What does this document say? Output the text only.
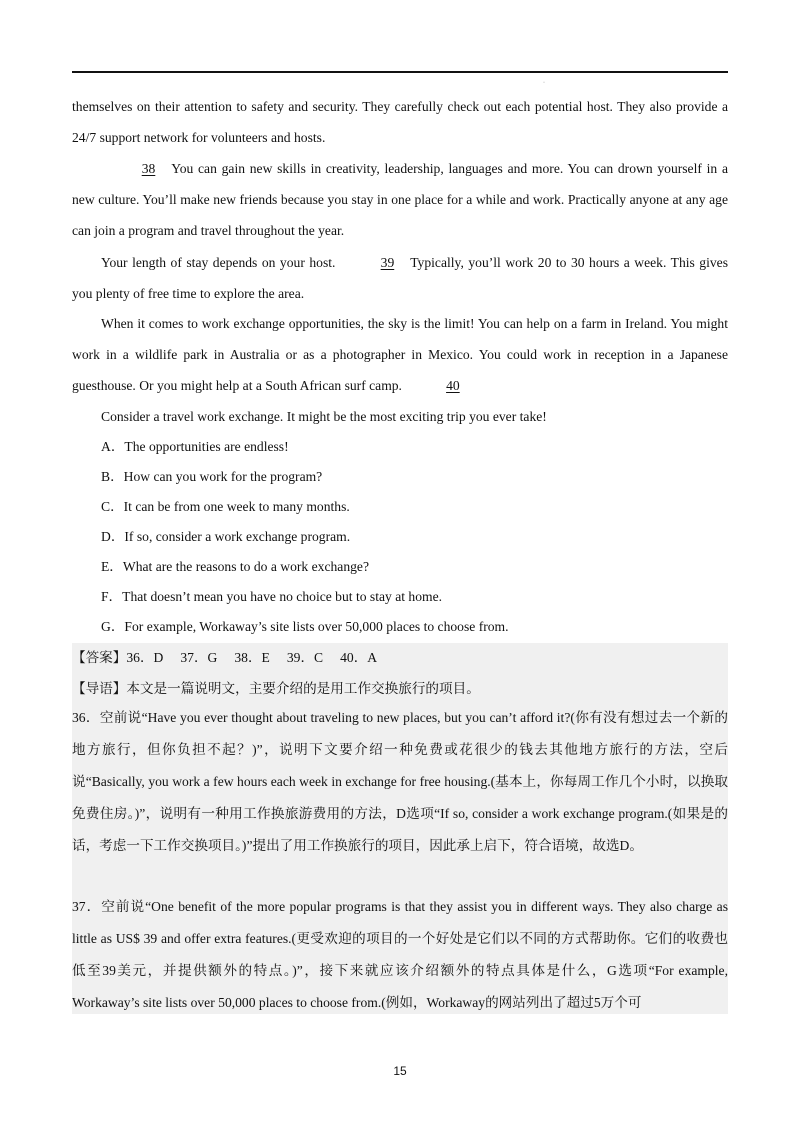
·

themselves on their attention to safety and security. They carefully check out each potential host. They also provide a 24/7 support network for volunteers and hosts.

38 You can gain new skills in creativity, leadership, languages and more. You can drown yourself in a new culture. You’ll make new friends because you stay in one place for a while and work. Practically anyone at any age can join a program and travel throughout the year.

Your length of stay depends on your host.	39 Typically, you’ll work 20 to 30 hours a week. This gives you plenty of free time to explore the area.

When it comes to work exchange opportunities, the sky is the limit! You can help on a farm in Ireland. You might work in a wildlife park in Australia or as a photographer in Mexico. You could work in reception in a Japanese guesthouse. Or you might help at a South African surf camp.	40

Consider a travel work exchange. It might be the most exciting trip you ever take!

A．The opportunities are endless!

B．How can you work for the program?

C．It can be from one week to many months.

D．If so, consider a work exchange program.

E．What are the reasons to do a work exchange?

F．That doesn’t mean you have no choice but to stay at home.

G．For example, Workaway’s site lists over 50,000 places to choose from.

【答案】36．D　 37．G　 38．E　 39．C　 40．A

【导语】本文是一篇说明文，主要介绍的是用工作交换旅行的项目。

36．空前说“Have you ever thought about traveling to new places, but you can’t afford it?(你有没有想过去一个新的地方旅行，但你负担不起？)”，说明下文要介绍一种免费或花很少的钱去其他地方旅行的方法，空后说“Basically, you work a few hours each week in exchange for free housing.(基本上，你每周工作几个小时，以换取免费住房。)”，说明有一种用工作换旅游费用的方法，D选项“If so, consider a work exchange program.(如果是的话，考虑一下工作交换项目。)”提出了用工作换旅行的项目，因此承上启下，符合语境，故选D。

37．空前说“One benefit of the more popular programs is that they assist you in different ways. They also charge as little as US$ 39 and offer extra features.(更受欢迎的项目的一个好处是它们以不同的方式帮助你。它们的收费也低至39美元，并提供额外的特点。)”，接下来就应该介绍额外的特点具体是什么，G选项“For example, Workaway’s site lists over 50,000 places to choose from.(例如，Workaway的网站列出了超过5万个可

15
